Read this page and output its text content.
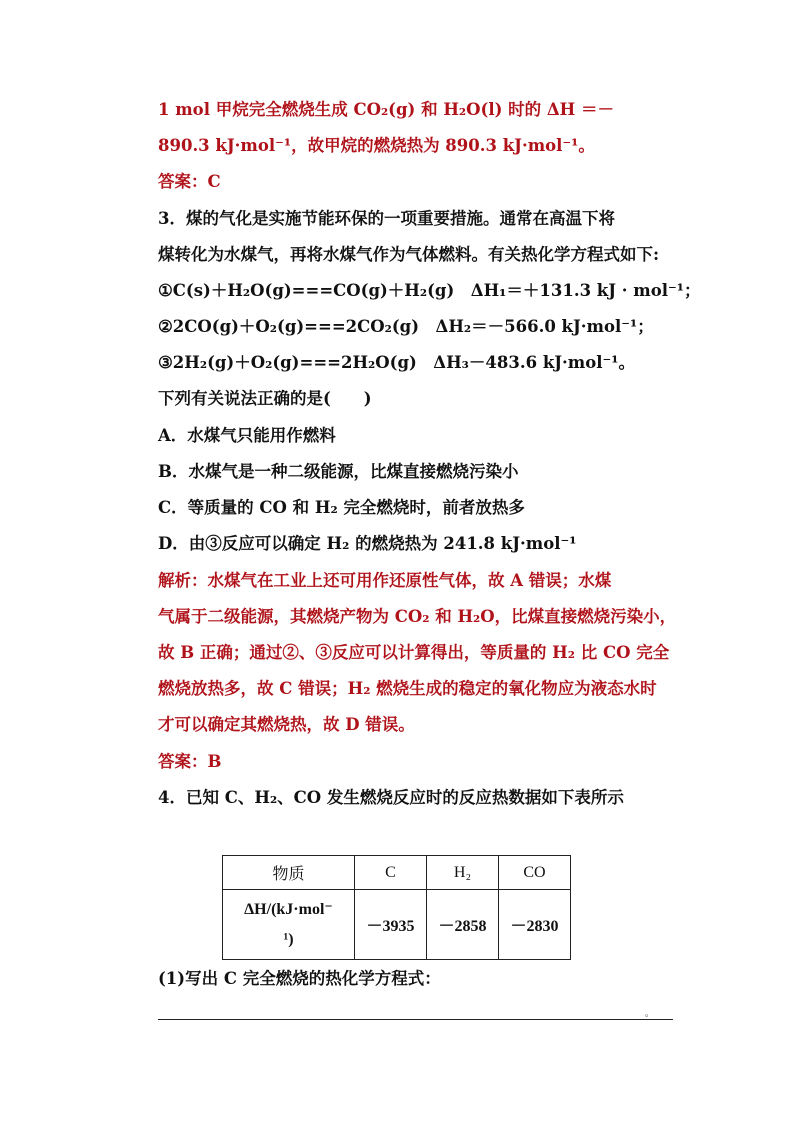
1 mol 甲烷完全燃烧生成 CO₂(g) 和 H₂O(l) 时的 ΔH ＝－
890.3 kJ·mol⁻¹，故甲烷的燃烧热为 890.3 kJ·mol⁻¹。
答案：C
3．煤的气化是实施节能环保的一项重要措施。通常在高温下将
煤转化为水煤气，再将水煤气作为气体燃料。有关热化学方程式如下:
①C(s)＋H₂O(g)===CO(g)＋H₂(g)　ΔH₁＝＋131.3 kJ · mol⁻¹；
②2CO(g)＋O₂(g)===2CO₂(g)　ΔH₂＝－566.0 kJ·mol⁻¹；
③2H₂(g)＋O₂(g)===2H₂O(g)　ΔH₃－483.6 kJ·mol⁻¹。
下列有关说法正确的是(　　)
A．水煤气只能用作燃料
B．水煤气是一种二级能源，比煤直接燃烧污染小
C．等质量的 CO 和 H₂ 完全燃烧时，前者放热多
D．由③反应可以确定 H₂ 的燃烧热为 241.8 kJ·mol⁻¹
解析：水煤气在工业上还可用作还原性气体，故 A 错误；水煤
气属于二级能源，其燃烧产物为 CO₂ 和 H₂O，比煤直接燃烧污染小，
故 B 正确；通过②、③反应可以计算得出，等质量的 H₂ 比 CO 完全
燃烧放热多，故 C 错误；H₂ 燃烧生成的稳定的氧化物应为液态水时
才可以确定其燃烧热，故 D 错误。
答案：B
4．已知 C、H₂、CO 发生燃烧反应时的反应热数据如下表所示
物质	C	H₂	CO

ΔH/(kJ·mol⁻
¹)	－3935	－2858	－2830
(1)写出 C 完全燃烧的热化学方程式：
。
